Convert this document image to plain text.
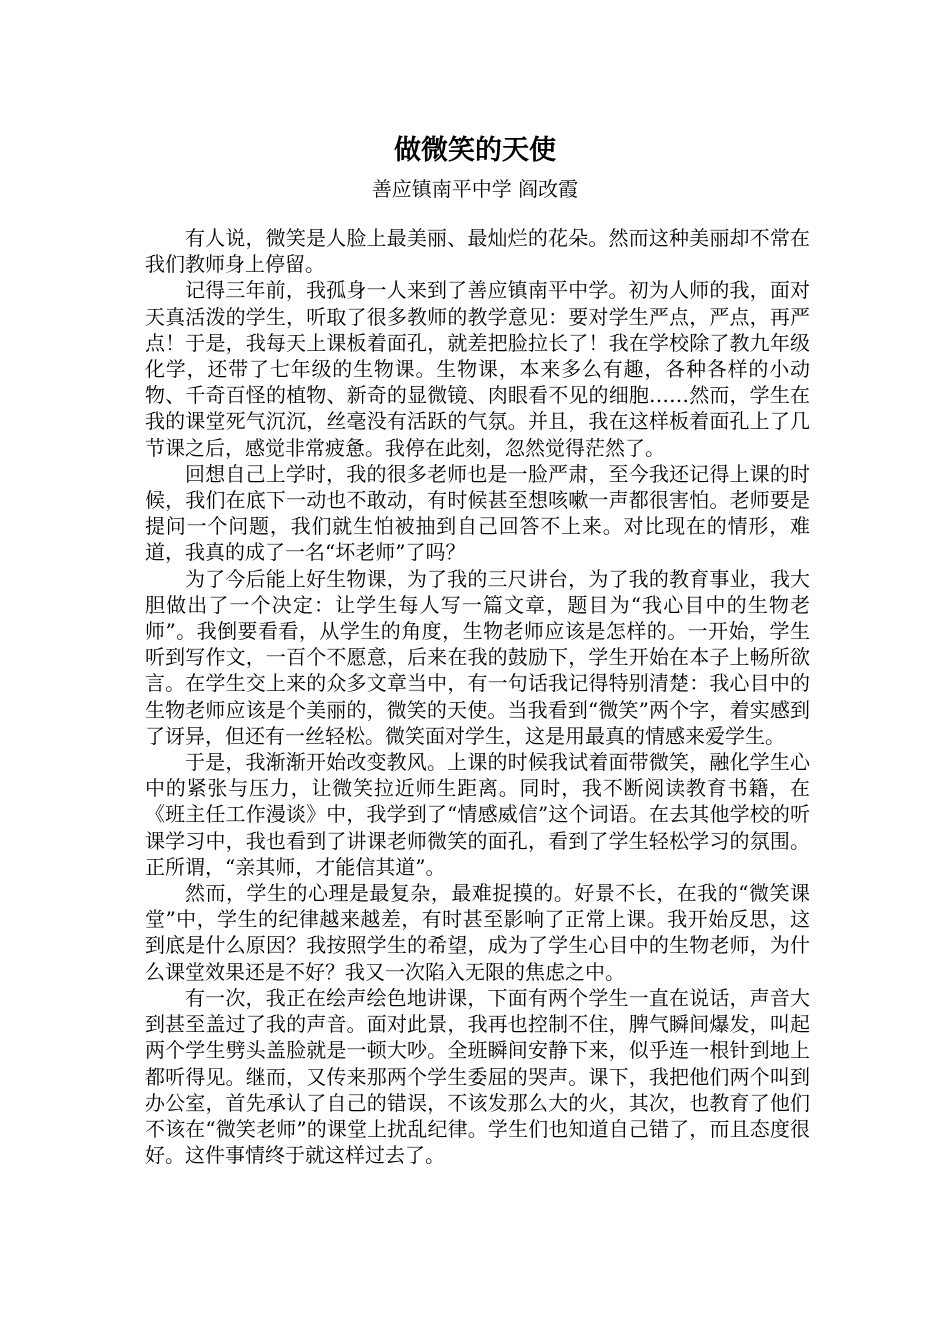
做微笑的天使
善应镇南平中学 阎改霞

有人说，微笑是人脸上最美丽、最灿烂的花朵。然而这种美丽却不常在我们教师身上停留。

记得三年前，我孤身一人来到了善应镇南平中学。初为人师的我，面对天真活泼的学生，听取了很多教师的教学意见：要对学生严点，严点，再严点！于是，我每天上课板着面孔，就差把脸拉长了！我在学校除了教九年级化学，还带了七年级的生物课。生物课，本来多么有趣，各种各样的小动物、千奇百怪的植物、新奇的显微镜、肉眼看不见的细胞……然而，学生在我的课堂死气沉沉，丝毫没有活跃的气氛。并且，我在这样板着面孔上了几节课之后，感觉非常疲惫。我停在此刻，忽然觉得茫然了。

回想自己上学时，我的很多老师也是一脸严肃，至今我还记得上课的时候，我们在底下一动也不敢动，有时候甚至想咳嗽一声都很害怕。老师要是提问一个问题，我们就生怕被抽到自己回答不上来。对比现在的情形，难道，我真的成了一名“坏老师”了吗？

为了今后能上好生物课，为了我的三尺讲台，为了我的教育事业，我大胆做出了一个决定：让学生每人写一篇文章，题目为“我心目中的生物老师”。我倒要看看，从学生的角度，生物老师应该是怎样的。一开始，学生听到写作文，一百个不愿意，后来在我的鼓励下，学生开始在本子上畅所欲言。在学生交上来的众多文章当中，有一句话我记得特别清楚：我心目中的生物老师应该是个美丽的，微笑的天使。当我看到“微笑”两个字，着实感到了讶异，但还有一丝轻松。微笑面对学生，这是用最真的情感来爱学生。

于是，我渐渐开始改变教风。上课的时候我试着面带微笑，融化学生心中的紧张与压力，让微笑拉近师生距离。同时，我不断阅读教育书籍，在《班主任工作漫谈》中，我学到了“情感威信”这个词语。在去其他学校的听课学习中，我也看到了讲课老师微笑的面孔，看到了学生轻松学习的氛围。正所谓，“亲其师，才能信其道”。

然而，学生的心理是最复杂，最难捉摸的。好景不长，在我的“微笑课堂”中，学生的纪律越来越差，有时甚至影响了正常上课。我开始反思，这到底是什么原因？我按照学生的希望，成为了学生心目中的生物老师，为什么课堂效果还是不好？我又一次陷入无限的焦虑之中。

有一次，我正在绘声绘色地讲课，下面有两个学生一直在说话，声音大到甚至盖过了我的声音。面对此景，我再也控制不住，脾气瞬间爆发，叫起两个学生劈头盖脸就是一顿大吵。全班瞬间安静下来，似乎连一根针到地上都听得见。继而，又传来那两个学生委屈的哭声。课下，我把他们两个叫到办公室，首先承认了自己的错误，不该发那么大的火，其次，也教育了他们不该在“微笑老师”的课堂上扰乱纪律。学生们也知道自己错了，而且态度很好。这件事情终于就这样过去了。
